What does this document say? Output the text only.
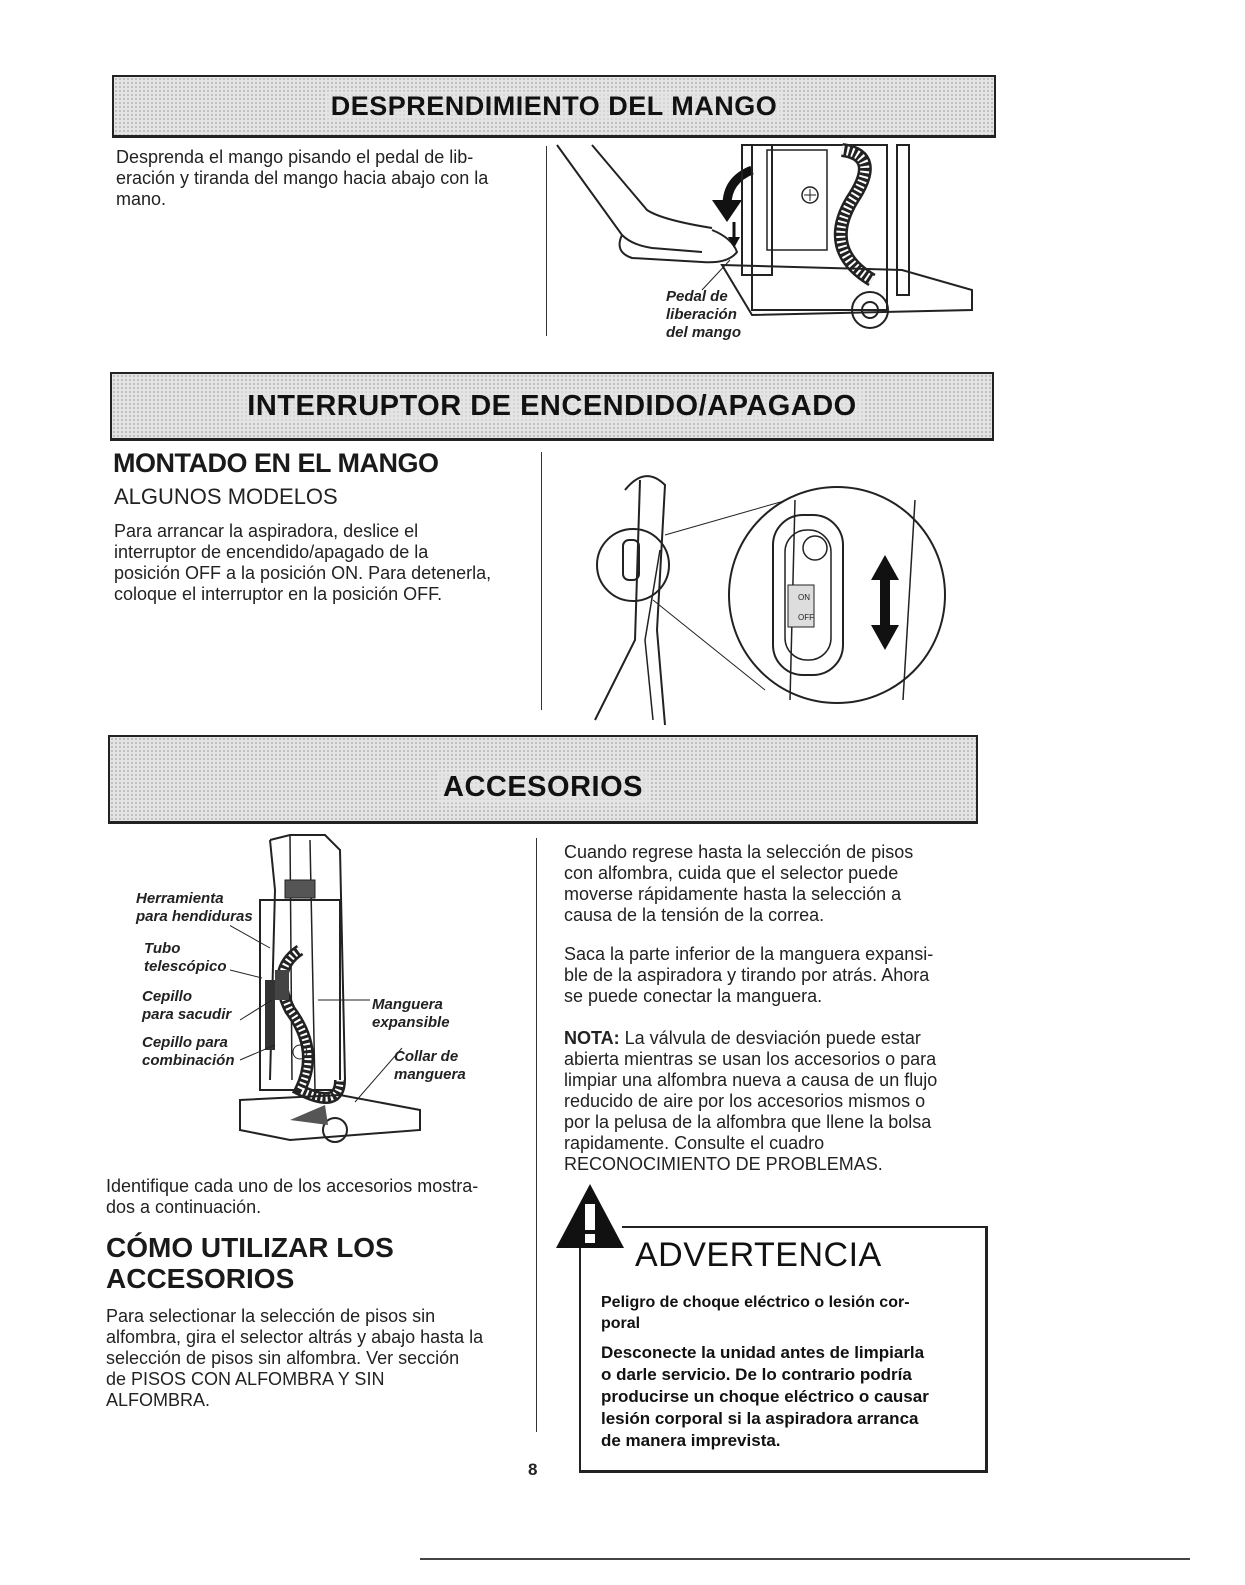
DESPRENDIMIENTO DEL MANGO
Desprenda el mango pisando el pedal de lib-
eración y tiranda del mango hacia abajo con la
mano.
Pedal de
liberación
del mango
INTERRUPTOR DE ENCENDIDO/APAGADO
MONTADO EN EL MANGO
ALGUNOS MODELOS
Para arrancar la aspiradora, deslice el
interruptor de encendido/apagado de la
posición OFF a la posición ON. Para detenerla,
coloque el interruptor en la posición OFF.	ON
OFF
ACCESORIOS
Herramienta
para hendiduras
Tubo
telescópico
Cepillo
para sacudir
Cepillo para
combinación
Manguera
expansible
Collar de
manguera
Identifique cada uno de los accesorios mostra-
dos a continuación.
CÓMO UTILIZAR LOS
ACCESORIOS
Para selectionar la selección de pisos sin
alfombra, gira el selector altrás y abajo hasta la
selección de pisos sin alfombra. Ver sección
de PISOS CON ALFOMBRA Y SIN
ALFOMBRA.
Cuando regrese hasta la selección de pisos
con alfombra, cuida que el selector puede
moverse rápidamente hasta la selección a
causa de la tensión de la correa.
Saca la parte inferior de la manguera expansi-
ble de la aspiradora y tirando por atrás. Ahora
se puede conectar la manguera.
NOTA: La válvula de desviación puede estar
abierta mientras se usan los accesorios o para
limpiar una alfombra nueva a causa de un flujo
reducido de aire por los accesorios mismos o
por la pelusa de la alfombra que llene la bolsa
rapidamente. Consulte el cuadro
RECONOCIMIENTO DE PROBLEMAS.
ADVERTENCIA
Peligro de choque eléctrico o lesión cor-
poral
Desconecte la unidad antes de limpiarla
o darle servicio. De lo contrario podría
producirse un choque eléctrico o causar
lesión corporal si la aspiradora arranca
de manera imprevista.
8
